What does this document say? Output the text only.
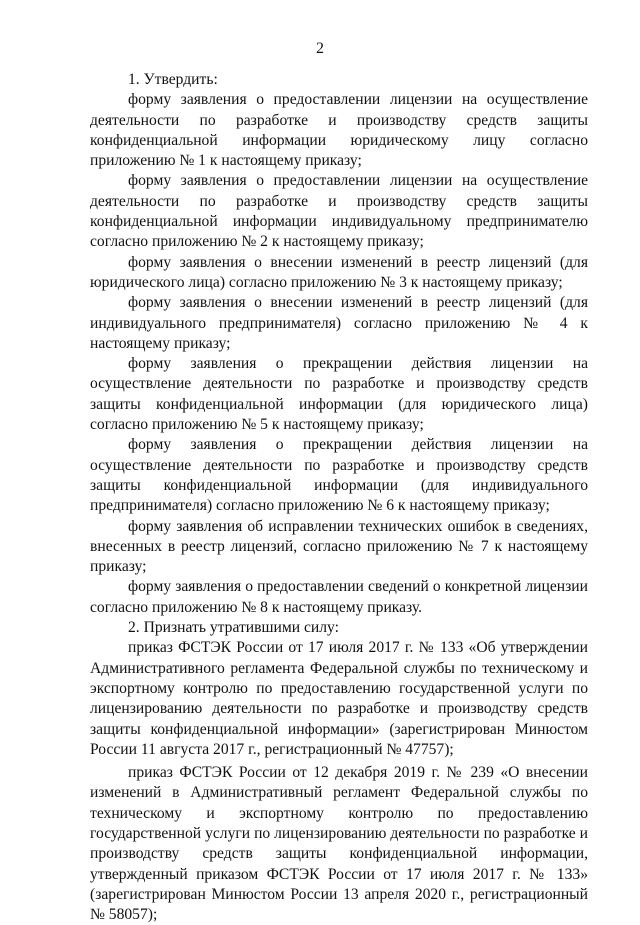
2

1. Утвердить:

форму заявления о предоставлении лицензии на осуществление деятельности по разработке и производству средств защиты конфиденциальной информации юридическому лицу согласно приложению № 1 к настоящему приказу;

форму заявления о предоставлении лицензии на осуществление деятельности по разработке и производству средств защиты конфиденциальной информации индивидуальному предпринимателю согласно приложению № 2 к настоящему приказу;

форму заявления о внесении изменений в реестр лицензий (для юридического лица) согласно приложению № 3 к настоящему приказу;

форму заявления о внесении изменений в реестр лицензий (для индивидуального предпринимателя) согласно приложению № 4 к настоящему приказу;

форму заявления о прекращении действия лицензии на осуществление деятельности по разработке и производству средств защиты конфиденциальной информации (для юридического лица) согласно приложению № 5 к настоящему приказу;

форму заявления о прекращении действия лицензии на осуществление деятельности по разработке и производству средств защиты конфиденциальной информации (для индивидуального предпринимателя) согласно приложению № 6 к настоящему приказу;

форму заявления об исправлении технических ошибок в сведениях, внесенных в реестр лицензий, согласно приложению № 7 к настоящему приказу;

форму заявления о предоставлении сведений о конкретной лицензии согласно приложению № 8 к настоящему приказу.

2. Признать утратившими силу:

приказ ФСТЭК России от 17 июля 2017 г. № 133 «Об утверждении Административного регламента Федеральной службы по техническому и экспортному контролю по предоставлению государственной услуги по лицензированию деятельности по разработке и производству средств защиты конфиденциальной информации» (зарегистрирован Минюстом России 11 августа 2017 г., регистрационный № 47757);

приказ ФСТЭК России от 12 декабря 2019 г. № 239 «О внесении изменений в Административный регламент Федеральной службы по техническому и экспортному контролю по предоставлению государственной услуги по лицензированию деятельности по разработке и производству средств защиты конфиденциальной информации, утвержденный приказом ФСТЭК России от 17 июля 2017 г. № 133» (зарегистрирован Минюстом России 13 апреля 2020 г., регистрационный № 58057);
